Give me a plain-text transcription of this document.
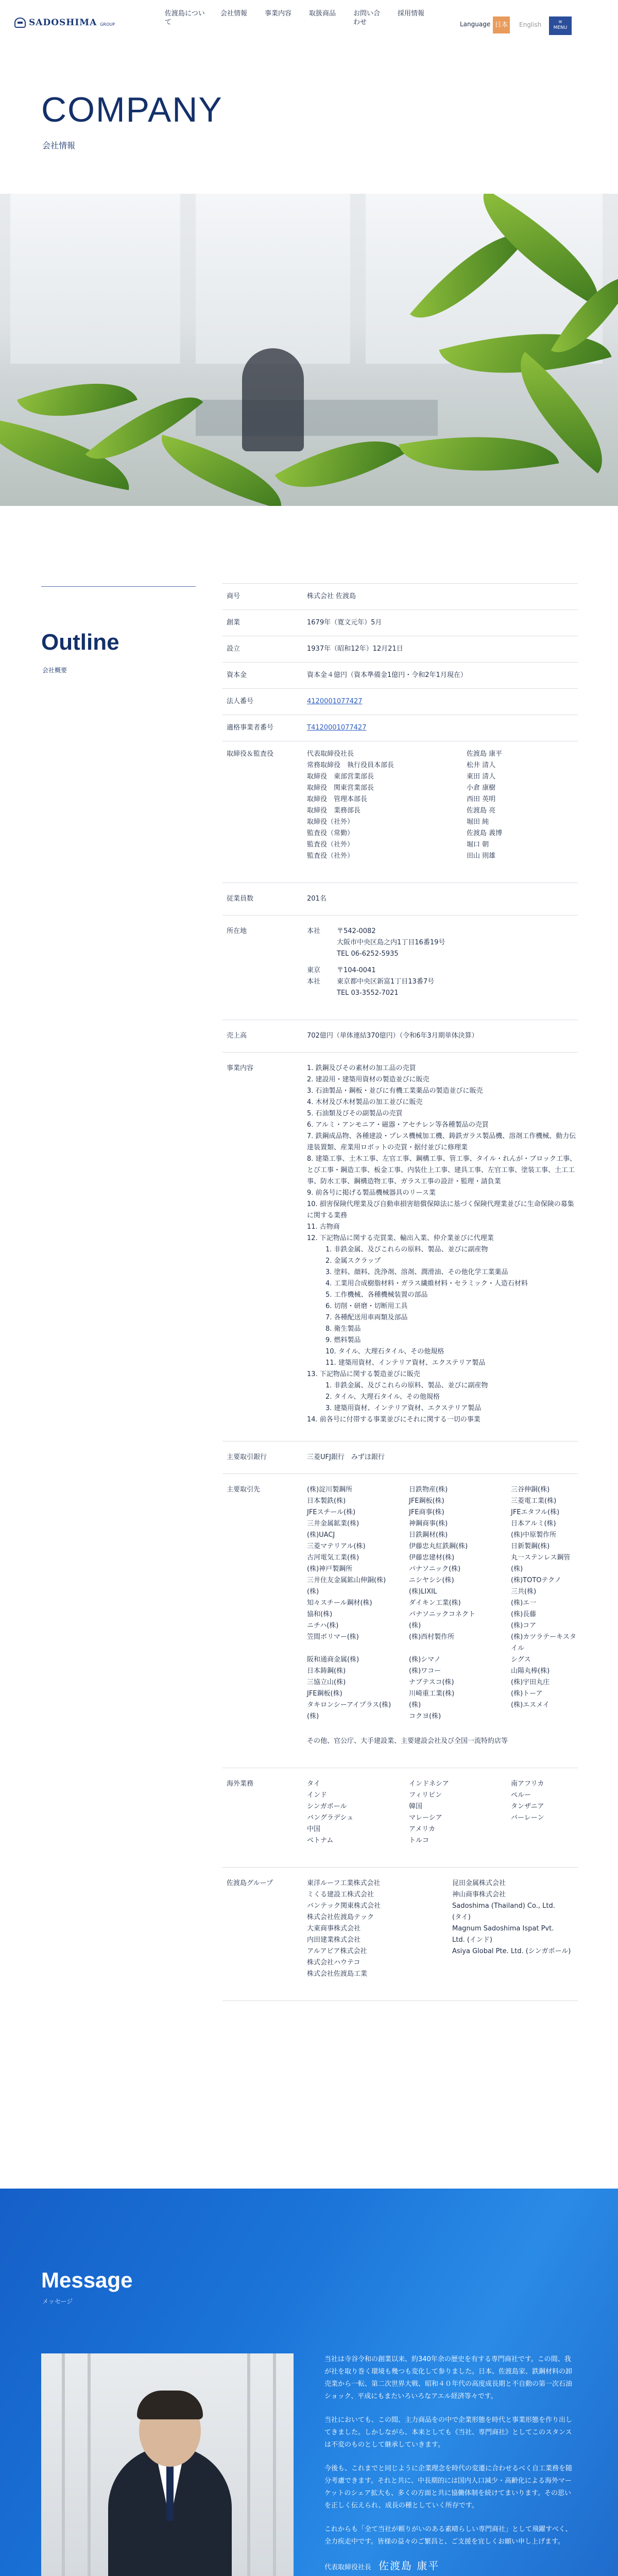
SADOSHIMA GROUP
佐渡島について
会社情報	事業内容	取扱商品	お問い合わせ
採用情報
Language 日本語
English	≡
MENU
COMPANY
会社情報
Outline
会社概要
商号	株式会社 佐渡島
創業	1679年（寛文元年）5月
設立	1937年（昭和12年）12月21日
資本金	資本金４億円（資本準備金1億円・令和2年1月現在）
法人番号	4120001077427
適格事業者番号	T4120001077427
取締役＆監査役	代表取締役社長	佐渡島 康平
常務取締役　執行役員本部長	松井 清人
取締役　東部営業部長	東田 清人
取締役　関東営業部長	小倉 康樹
取締役　管理本部長	西田 英明
取締役　業務部長	佐渡島 亮
取締役（社外）	堀田 純
監査役（常勤）	佐渡島 義博
監査役（社外）	堀口 朝
監査役（社外）	田山 則雄
従業員数	201名
所在地	本社	〒542-0082
大阪市中央区島之内1丁目16番19号
TEL 06-6252-5935
東京本社
〒104-0041
東京都中央区新富1丁目13番7号
TEL 03-3552-7021
売上高	702億円（単体連結370億円）（令和6年3月期単体決算）
事業内容	1. 鉄鋼及びその素材の加工品の売買
2. 建設用・建築用資材の製造並びに販売
3. 石油製品・鋼板・並びに有機工業薬品の製造並びに販売
4. 木材及び木材製品の加工並びに販売
5. 石油類及びその副製品の売買
6. アルミ・アンモニア・磁器・アセチレン等各種製品の売買
7. 鉄鋼成品物、各種建設・プレス機械加工機、鋳鉄ガラス製品機、溶剤工作機械、動力伝達装置類、産業用ロボットの売買・据付並びに修理業
8. 建築工事、土木工事、左官工事、鋼構工事、管工事、タイル・れんが・ブロック工事、とび工事・鋼造工事、板金工事、内装仕上工事、建具工事、左官工事、塗装工事、土工工事、防水工事、鋼構造物工事、ガラス工事の設計・監理・請負業
9. 前各号に掲げる製品機械器具のリース業
10. 損害保険代理業及び自動車損害賠償保障法に基づく保険代理業並びに生命保険の募集に関する業務
11. 古物商
12. 下記物品に関する売買業、輸出入業、仲介業並びに代理業
1. 非鉄金属、及びこれらの原料、製品、並びに副産物
2. 金属スクラップ
3. 塗料、顔料、洗浄剤、溶剤、潤滑油、その他化学工業薬品
4. 工業用合成樹脂材料・ガラス繊維材料・セラミック・人造石材料
5. 工作機械、各種機械装置の部品
6. 切削・研磨・切断用工具
7. 各種配送用車両類及部品
8. 衛生製品
9. 燃料製品
10. タイル、大理石タイル、その他規格
11. 建築用資材、インテリア資材、エクステリア製品
13. 下記物品に関する製造並びに販売
1. 非鉄金属、及びこれらの原料、製品、並びに副産物
2. タイル、大理石タイル、その他規格
3. 建築用資材、インテリア資材、エクステリア製品
14. 前各号に付帯する事業並びにそれに関する一切の事業
主要取引銀行	三菱UFJ銀行　みずほ銀行
主要取引先	(株)淀川製鋼所	日鉄物産(株)	三谷伸銅(株)
日本製鉄(株)	JFE鋼板(株)	三菱電工業(株)
JFEスチール(株)	JFE商事(株)	JFEエタフル(株)
三井金属鉱業(株)	神鋼商事(株)	日本アルミ(株)
(株)UACJ	日鉄鋼材(株)	(株)中原製作所
三菱マテリアル(株)	伊藤忠丸紅鉄鋼(株)	日新製鋼(株)
古河電気工業(株)	伊藤忠建材(株)	丸一ステンレス鋼管
(株)神戸製鋼所	パナソニック(株)	(株)
三井住友金属鉱山伸銅(株)	ニシヤシシ(株)	(株)TOTOテクノ
(株)	(株)LIXIL	三共(株)
知々スチール鋼材(株)	ダイキン工業(株)	(株)エ一
協和(株)	パナソニックコネクト	(株)長藤
ニチハ(株)	(株)	(株)コア
笠間ボリマー(株)	(株)西村製作所	(株)カツラテーキスタイル
阪和通商金属(株)	(株)シマノ	シグス
日本鋳鋼(株)	(株)ワコー	山陽丸棒(株)
三協立山(株)	ナブテスコ(株)	(株)宇田丸庄
JFE鋼板(株)	川崎重工業(株)	(株)トーア
タキロンシーアイプラス(株)	(株)	(株)エスメイ
(株)	コクヨ(株)
その他、官公庁、大手建設業、主要建設会社及び全国一流特約店等
海外業務	タイ	インドネシア	南アフリカ
インド	フィリピン	ペルー
シンガポール	韓国	タンザニア
バングラデシュ	マレーシア	バーレーン
中国	アメリカ
ベトナム	トルコ
佐渡島グループ	東洋ルーフ工業株式会社	昆田金属株式会社
ミくる建設工株式会社	神山商事株式会社
バンテック関東株式会社	Sadoshima (Thailand) Co., Ltd.
株式会社佐渡島テック	(タイ)
大東商事株式会社	Magnum Sadoshima Ispat Pvt.
内田建業株式会社	Ltd. (インド)
アルアビア株式会社	Asiya Global Pte. Ltd. (シンガポール)
株式会社ハウテコ
株式会社佐渡島工業
Message
メッセージ

当社は寺谷令和の創業以来、約340年余の歴史を有する専門商社です。この間、我が社を取り巻く環境も幾つも変化して参りました。日本、佐渡島家、鉄鋼材料の卸売業から一転、第二次世界大戦、昭和４０年代の高度成長期と不自動の第一次石油ショック、平成にもまたいろいろなアエル経済等々です。

当社においても、この間、主力商品をの中で企業形態を時代と事業形態を作り出してきました。しかしながら、本来としても《当社、専門商社》としてこのスタンスは不変のものとして継承していきます。

今後も、これまでと同じように企業理念を時代の変遷に合わせるべく自工業務を随分考慮できます。それと共に、中長期的には国内人口減少・高齢化による海外マーケットのシェア拡大も、多くの方面と共に協働体制を続けてまいります。その思いを正しく伝えられ、成長の種としていく所存です。

これからも「全て当社が頼りがいのある素晴らしい専門商社」として飛躍すべく、全力疾走中です。皆様の益々のご繁昌と、ご支援を宜しくお願い申し上げます。

代表取締役社長 佐渡島 康平
